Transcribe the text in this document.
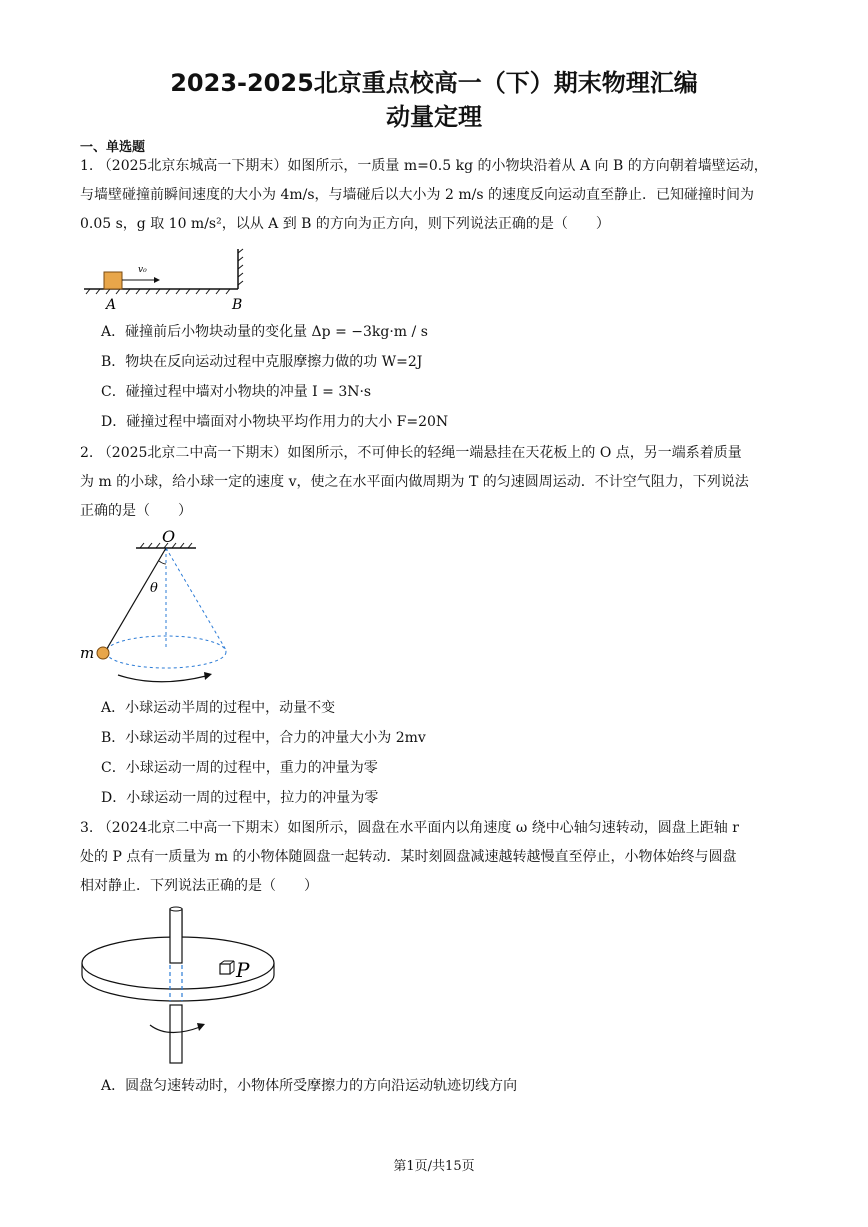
2023-2025北京重点校高一（下）期末物理汇编
动量定理
一、单选题
1. （2025北京东城高一下期末）如图所示，一质量 m=0.5 kg 的小物块沿着从 A 向 B 的方向朝着墙壁运动，
与墙壁碰撞前瞬间速度的大小为 4m/s，与墙碰后以大小为 2 m/s 的速度反向运动直至静止．已知碰撞时间为
0.05 s，g 取 10 m/s²，以从 A 到 B 的方向为正方向，则下列说法正确的是（　　）
v₀
A	B
A．碰撞前后小物块动量的变化量 Δp = −3kg·m / s
B．物块在反向运动过程中克服摩擦力做的功 W=2J
C．碰撞过程中墙对小物块的冲量 I = 3N·s
D．碰撞过程中墙面对小物块平均作用力的大小 F=20N
2. （2025北京二中高一下期末）如图所示，不可伸长的轻绳一端悬挂在天花板上的 O 点，另一端系着质量
为 m 的小球，给小球一定的速度 v，使之在水平面内做周期为 T 的匀速圆周运动．不计空气阻力，下列说法
正确的是（　　）
O
θ
m
A．小球运动半周的过程中，动量不变
B．小球运动半周的过程中，合力的冲量大小为 2mv
C．小球运动一周的过程中，重力的冲量为零
D．小球运动一周的过程中，拉力的冲量为零
3. （2024北京二中高一下期末）如图所示，圆盘在水平面内以角速度 ω 绕中心轴匀速转动，圆盘上距轴 r
处的 P 点有一质量为 m 的小物体随圆盘一起转动．某时刻圆盘减速越转越慢直至停止，小物体始终与圆盘
相对静止．下列说法正确的是（　　）
P
A．圆盘匀速转动时，小物体所受摩擦力的方向沿运动轨迹切线方向
第1页/共15页
